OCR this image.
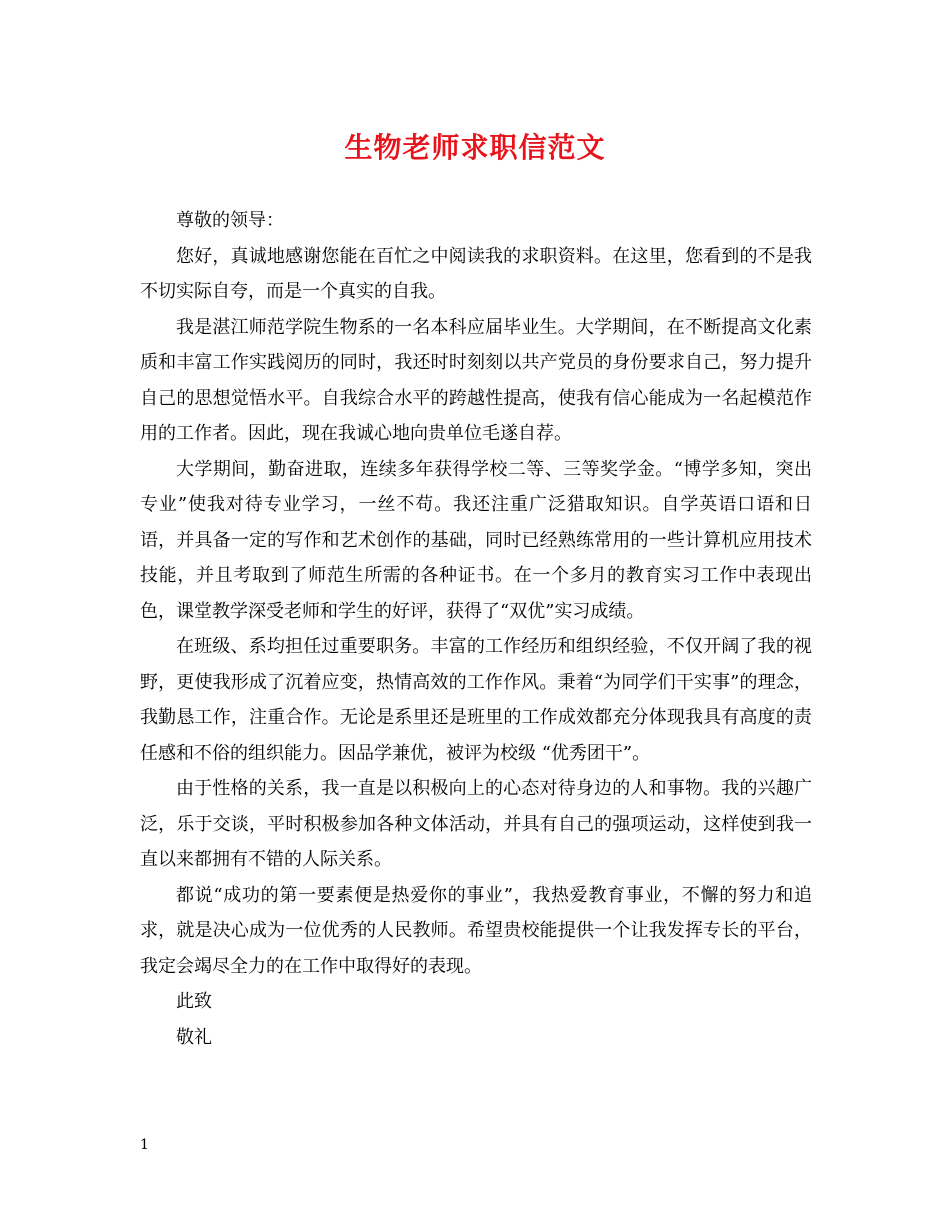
生物老师求职信范文

尊敬的领导：

您好，真诚地感谢您能在百忙之中阅读我的求职资料。在这里，您看到的不是我不切实际自夸，而是一个真实的自我。

我是湛江师范学院生物系的一名本科应届毕业生。大学期间，在不断提高文化素质和丰富工作实践阅历的同时，我还时时刻刻以共产党员的身份要求自己，努力提升自己的思想觉悟水平。自我综合水平的跨越性提高，使我有信心能成为一名起模范作用的工作者。因此，现在我诚心地向贵单位毛遂自荐。

大学期间，勤奋进取，连续多年获得学校二等、三等奖学金。“博学多知，突出专业”使我对待专业学习，一丝不苟。我还注重广泛猎取知识。自学英语口语和日语，并具备一定的写作和艺术创作的基础，同时已经熟练常用的一些计算机应用技术技能，并且考取到了师范生所需的各种证书。在一个多月的教育实习工作中表现出色，课堂教学深受老师和学生的好评，获得了“双优”实习成绩。

在班级、系均担任过重要职务。丰富的工作经历和组织经验，不仅开阔了我的视野，更使我形成了沉着应变，热情高效的工作作风。秉着“为同学们干实事”的理念，我勤恳工作，注重合作。无论是系里还是班里的工作成效都充分体现我具有高度的责任感和不俗的组织能力。因品学兼优，被评为校级 “优秀团干”。

由于性格的关系，我一直是以积极向上的心态对待身边的人和事物。我的兴趣广泛，乐于交谈，平时积极参加各种文体活动，并具有自己的强项运动，这样使到我一直以来都拥有不错的人际关系。

都说“成功的第一要素便是热爱你的事业”，我热爱教育事业，不懈的努力和追求，就是决心成为一位优秀的人民教师。希望贵校能提供一个让我发挥专长的平台，我定会竭尽全力的在工作中取得好的表现。

此致

敬礼

1
